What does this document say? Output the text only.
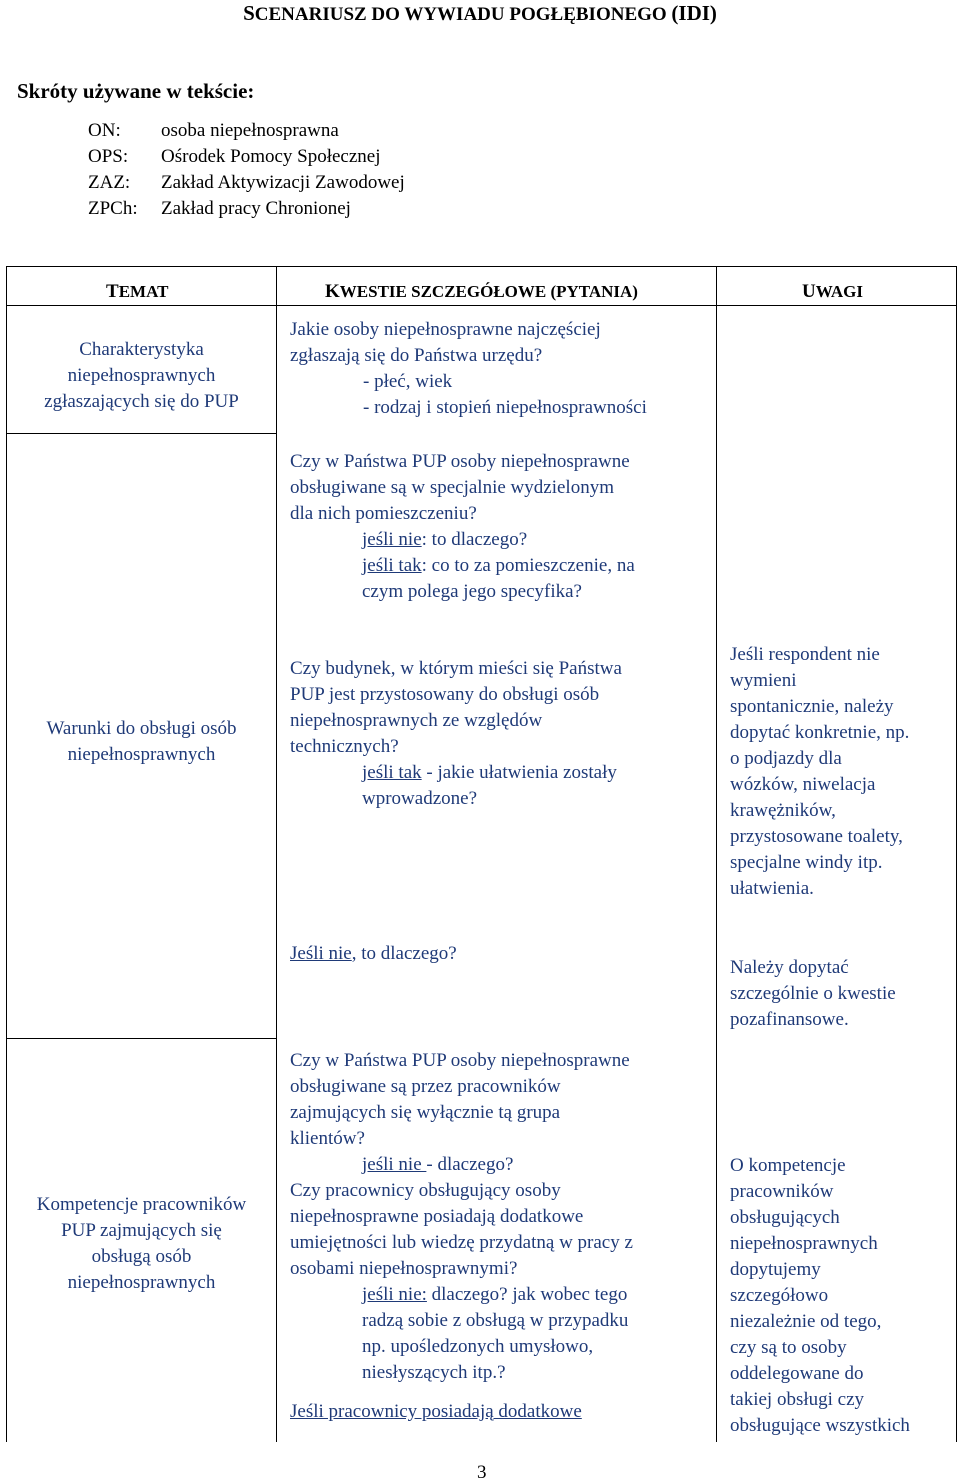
SCENARIUSZ DO WYWIADU POGŁĘBIONEGO (IDI)
Skróty używane w tekście:
ON: osoba niepełnosprawna
OPS: Ośrodek Pomocy Społecznej
ZAZ: Zakład Aktywizacji Zawodowej
ZPCh: Zakład pracy Chronionej
TEMAT	KWESTIE SZCZEGÓŁOWE (PYTANIA)	UWAGI
Charakterystyka
niepełnosprawnych
zgłaszających się do PUP
Jakie osoby niepełnosprawne najczęściej
zgłaszają się do Państwa urzędu?
- płeć, wiek
- rodzaj i stopień niepełnosprawności
Czy w Państwa PUP osoby niepełnosprawne
obsługiwane są w specjalnie wydzielonym
dla nich pomieszczeniu?
jeśli nie: to dlaczego?
jeśli tak: co to za pomieszczenie, na
czym polega jego specyfika?
Warunki do obsługi osób
niepełnosprawnych
Czy budynek, w którym mieści się Państwa
PUP jest przystosowany do obsługi osób
niepełnosprawnych ze względów
technicznych?
jeśli tak - jakie ułatwienia zostały
wprowadzone?
Jeśli respondent nie
wymieni
spontanicznie, należy
dopytać konkretnie, np.
o podjazdy dla
wózków, niwelacja
krawężników,
przystosowane toalety,
specjalne windy itp.
ułatwienia.
Jeśli nie, to dlaczego?
Należy dopytać
szczególnie o kwestie
pozafinansowe.
Kompetencje pracowników
PUP zajmujących się
obsługą osób
niepełnosprawnych
Czy w Państwa PUP osoby niepełnosprawne
obsługiwane są przez pracowników
zajmujących się wyłącznie tą grupa
klientów?
jeśli nie - dlaczego?
Czy pracownicy obsługujący osoby
niepełnosprawne posiadają dodatkowe
umiejętności lub wiedzę przydatną w pracy z
osobami niepełnosprawnymi?
jeśli nie: dlaczego? jak wobec tego
radzą sobie z obsługą w przypadku
np. upośledzonych umysłowo,
niesłyszących itp.?
Jeśli pracownicy posiadają dodatkowe
O kompetencje
pracowników
obsługujących
niepełnosprawnych
dopytujemy
szczegółowo
niezależnie od tego,
czy są to osoby
oddelegowane do
takiej obsługi czy
obsługujące wszystkich
3
